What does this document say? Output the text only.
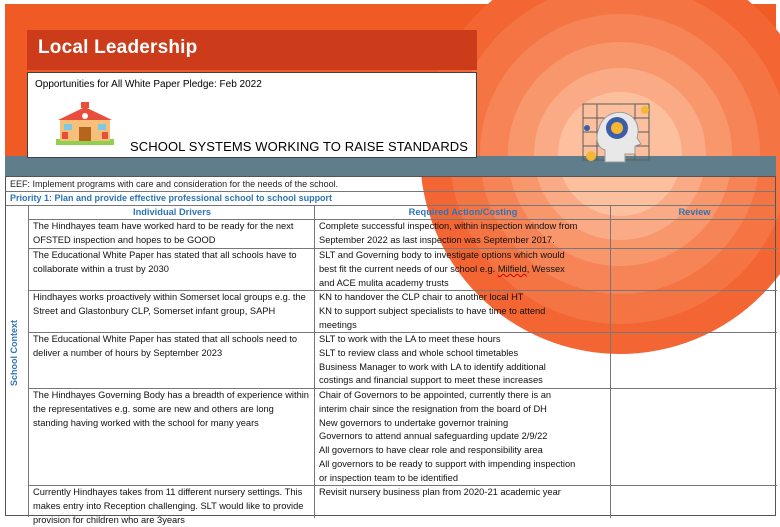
Local Leadership
Opportunities for All White Paper Pledge: Feb 2022
SCHOOL SYSTEMS WORKING TO RAISE STANDARDS
EEF: Implement programs with care and consideration for the needs of the school.
Priority 1: Plan and provide effective professional school to school support
School Context
Individual Drivers	Required Action/Costing	Review
The Hindhayes team have worked hard to be ready for the next OFSTED inspection and hopes to be GOOD
Complete successful inspection, within inspection window from
September 2022 as last inspection was September 2017.
The Educational White Paper has stated that all schools have to collaborate within a trust by 2030
SLT and Governing body to investigate options which would
best fit the current needs of our school e.g. Milfield, Wessex
and ACE mulita academy trusts
Hindhayes works proactively within Somerset local groups e.g. the Street and Glastonbury CLP, Somerset infant group, SAPH
KN to handover the CLP chair to another local HT
KN to support subject specialists to have time to attend
meetings
The Educational White Paper has stated that all schools need to deliver a number of hours by September 2023
SLT to work with the LA to meet these hours
SLT to review class and whole school timetables
Business Manager to work with LA to identify additional
costings and financial support to meet these increases
The Hindhayes Governing Body has a breadth of experience within the representatives e.g. some are new and others are long standing having worked with the school for many years
Chair of Governors to be appointed, currently there is an
interim chair since the resignation from the board of DH
New governors to undertake governor training
Governors to attend annual safeguarding update 2/9/22
All governors to have clear role and responsibility area
All governors to be ready to support with impending inspection
or inspection team to be identified
Currently Hindhayes takes from 11 different nursery settings. This makes entry into Reception challenging. SLT would like to provide provision for children who are 3years
Revisit nursery business plan from 2020-21 academic year
